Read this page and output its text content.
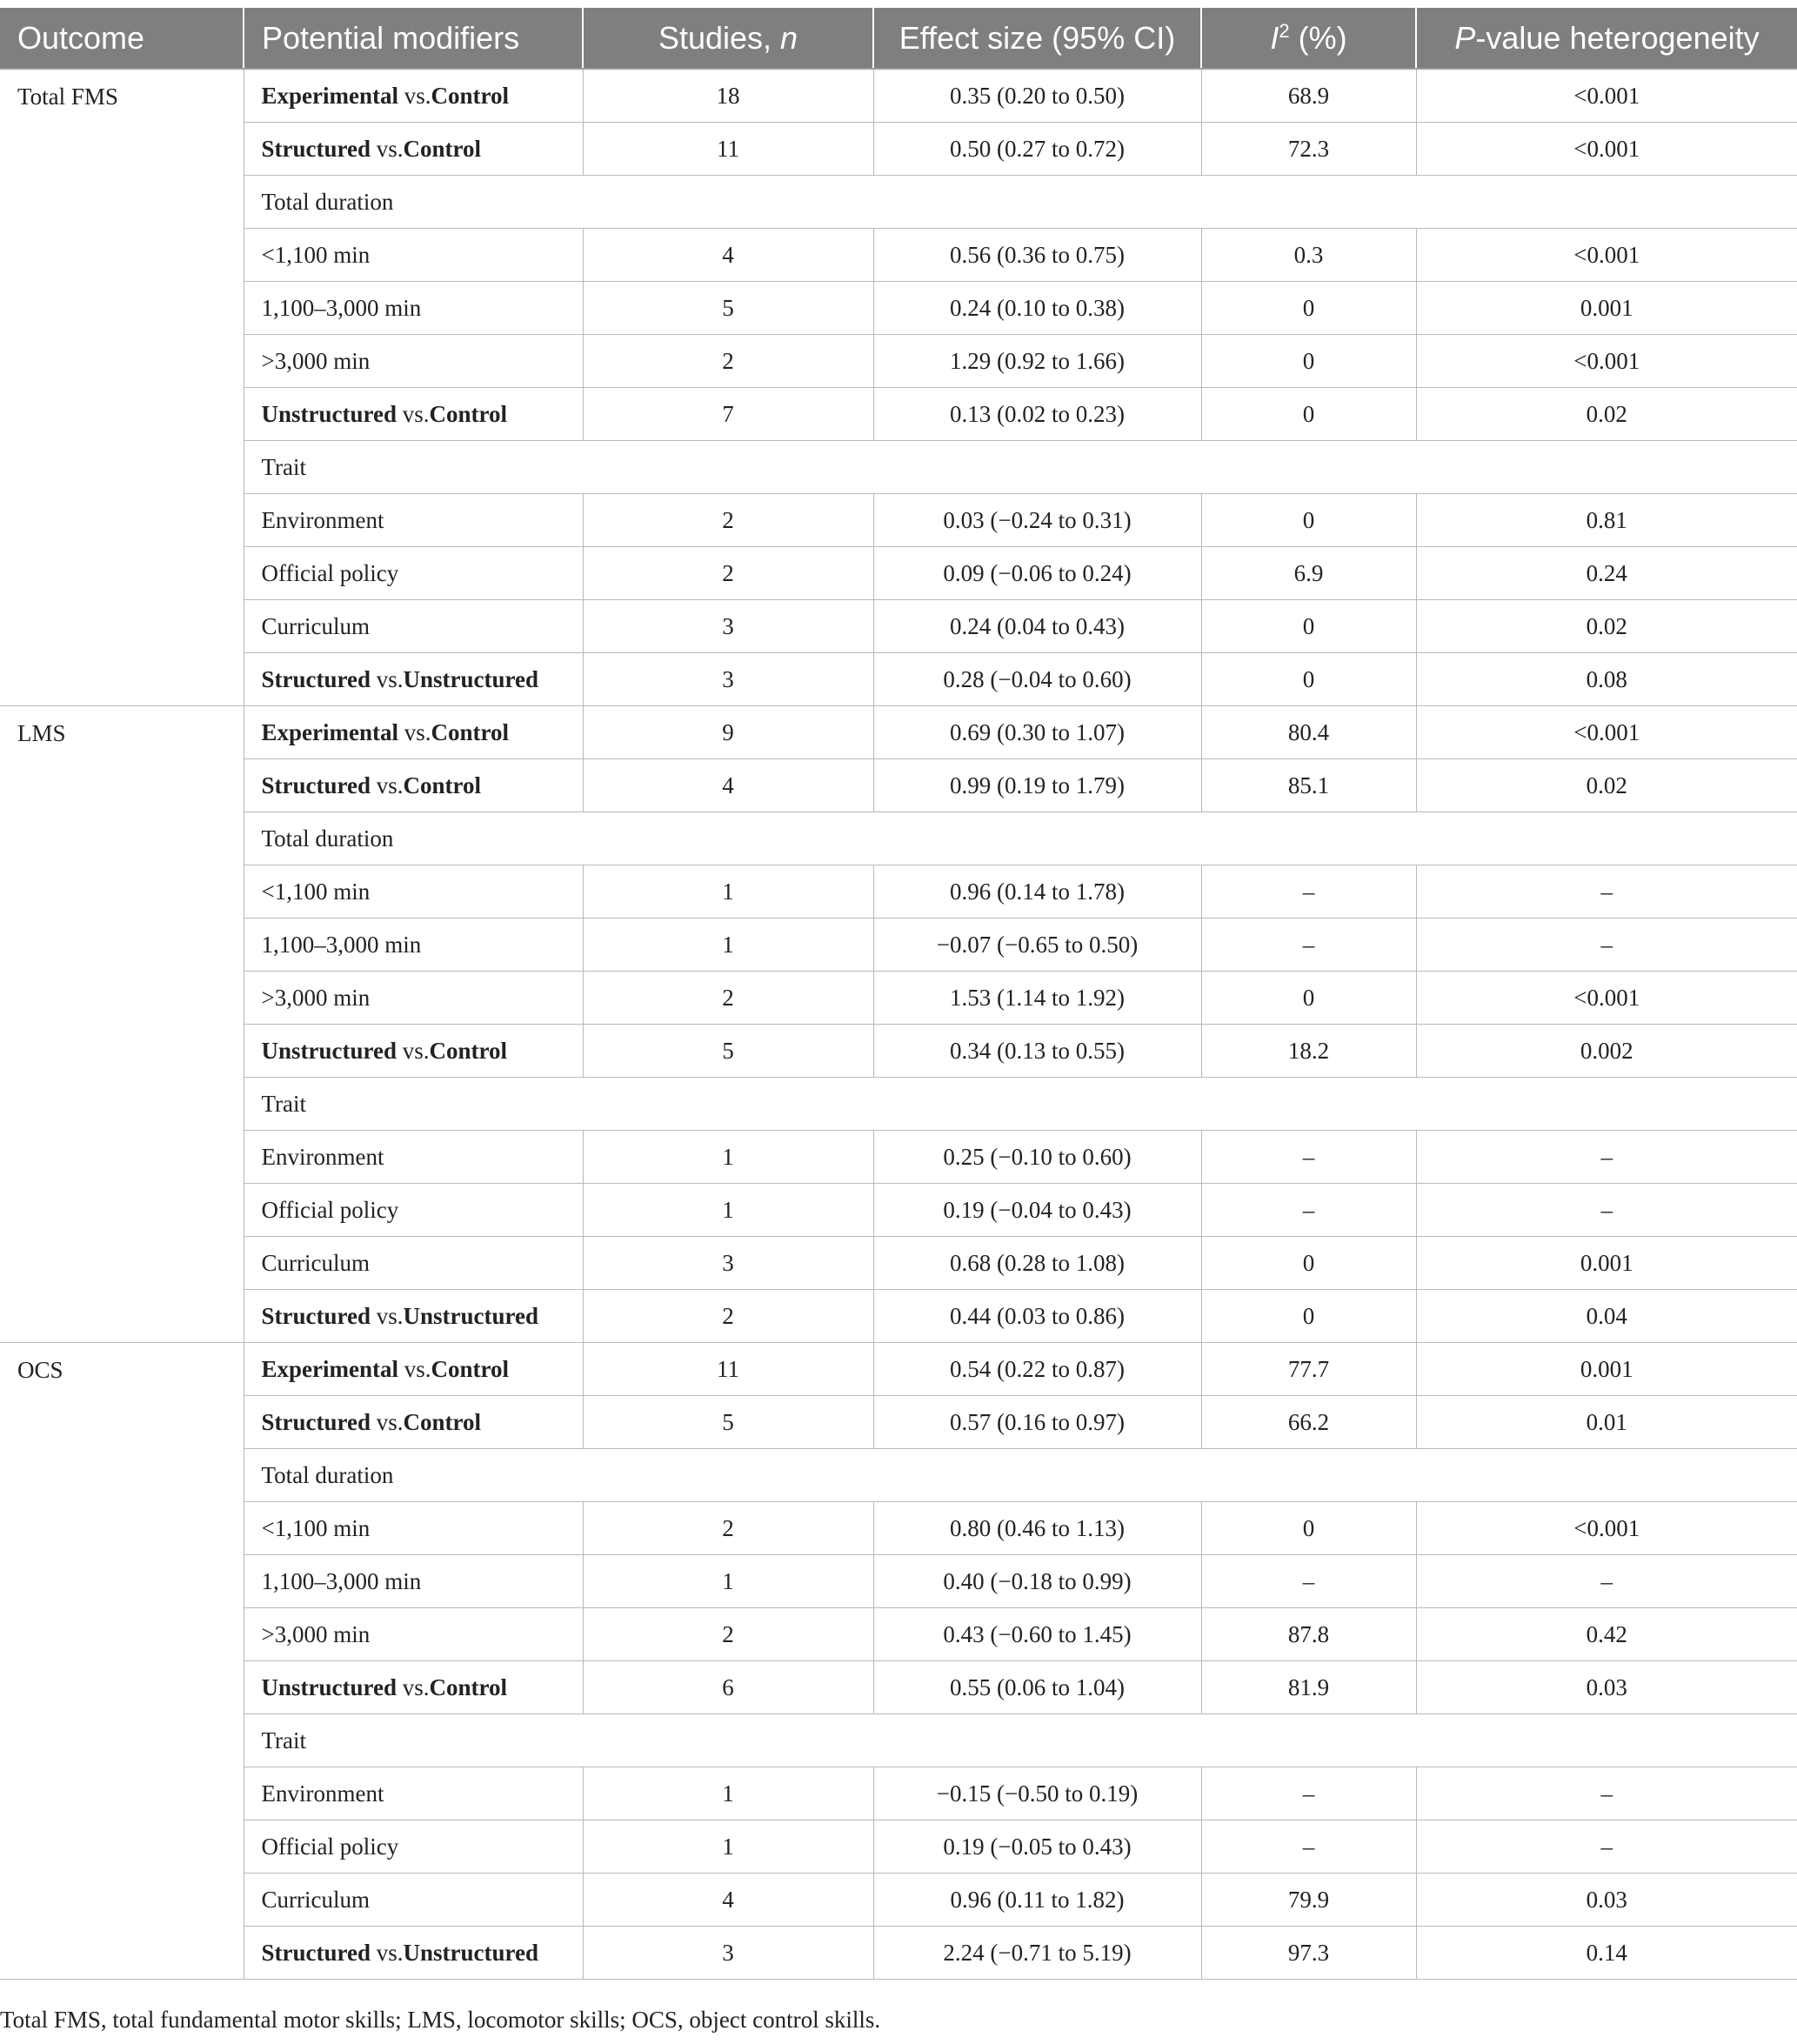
Outcome	Potential modifiers	Studies, n	Effect size (95% CI)	$I^2$ (%)	P-value heterogeneity
Total FMS	Experimental vs.Control	18	0.35 (0.20 to 0.50)	68.9	<0.001
	Structured vs.Control	11	0.50 (0.27 to 0.72)	72.3	<0.001
	Total duration				
	<1,100 min	4	0.56 (0.36 to 0.75)	0.3	<0.001
	1,100–3,000 min	5	0.24 (0.10 to 0.38)	0	0.001
	>3,000 min	2	1.29 (0.92 to 1.66)	0	<0.001
	Unstructured vs.Control	7	0.13 (0.02 to 0.23)	0	0.02
	Trait				
	Environment	2	0.03 (−0.24 to 0.31)	0	0.81
	Official policy	2	0.09 (−0.06 to 0.24)	6.9	0.24
	Curriculum	3	0.24 (0.04 to 0.43)	0	0.02
	Structured vs.Unstructured	3	0.28 (−0.04 to 0.60)	0	0.08
LMS	Experimental vs.Control	9	0.69 (0.30 to 1.07)	80.4	<0.001
	Structured vs.Control	4	0.99 (0.19 to 1.79)	85.1	0.02
	Total duration				
	<1,100 min	1	0.96 (0.14 to 1.78)	–	–
	1,100–3,000 min	1	−0.07 (−0.65 to 0.50)	–	–
	>3,000 min	2	1.53 (1.14 to 1.92)	0	<0.001
	Unstructured vs.Control	5	0.34 (0.13 to 0.55)	18.2	0.002
	Trait				
	Environment	1	0.25 (−0.10 to 0.60)	–	–
	Official policy	1	0.19 (−0.04 to 0.43)	–	–
	Curriculum	3	0.68 (0.28 to 1.08)	0	0.001
	Structured vs.Unstructured	2	0.44 (0.03 to 0.86)	0	0.04
OCS	Experimental vs.Control	11	0.54 (0.22 to 0.87)	77.7	0.001
	Structured vs.Control	5	0.57 (0.16 to 0.97)	66.2	0.01
	Total duration				
	<1,100 min	2	0.80 (0.46 to 1.13)	0	<0.001
	1,100–3,000 min	1	0.40 (−0.18 to 0.99)	–	–
	>3,000 min	2	0.43 (−0.60 to 1.45)	87.8	0.42
	Unstructured vs.Control	6	0.55 (0.06 to 1.04)	81.9	0.03
	Trait				
	Environment	1	−0.15 (−0.50 to 0.19)	–	–
	Official policy	1	0.19 (−0.05 to 0.43)	–	–
	Curriculum	4	0.96 (0.11 to 1.82)	79.9	0.03
	Structured vs.Unstructured	3	2.24 (−0.71 to 5.19)	97.3	0.14
Total FMS, total fundamental motor skills; LMS, locomotor skills; OCS, object control skills.
